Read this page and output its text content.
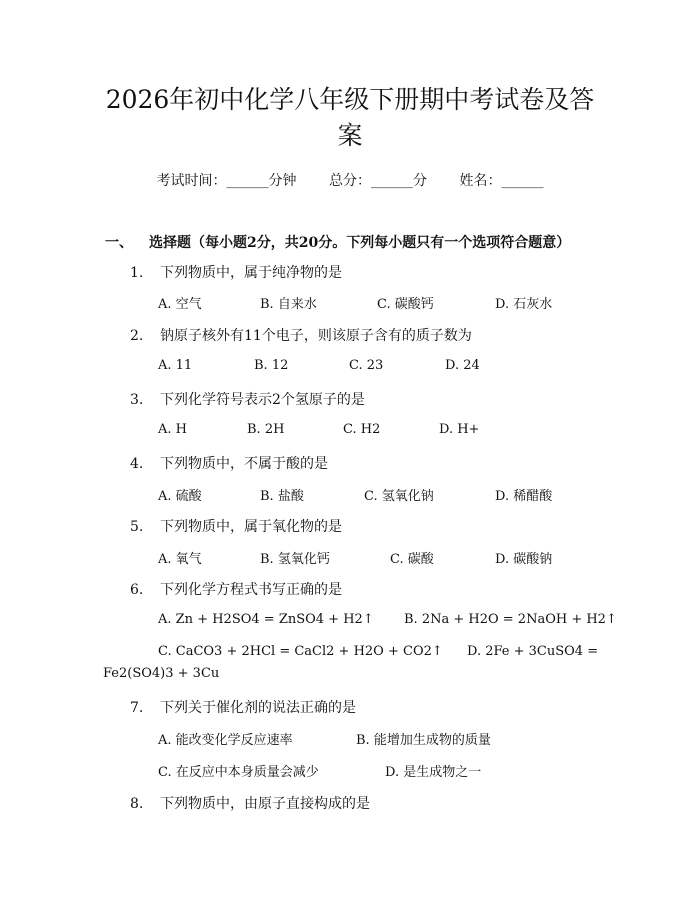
2026年初中化学八年级下册期中考试卷及答
案
考试时间：______分钟 总分：______分 姓名：______
一、 选择题（每小题2分，共20分。下列每小题只有一个选项符合题意）
1. 下列物质中，属于纯净物的是
A. 空气	B. 自来水	C. 碳酸钙	D. 石灰水
2. 钠原子核外有11个电子，则该原子含有的质子数为
A. 11	B. 12	C. 23	D. 24
3. 下列化学符号表示2个氢原子的是
A. H	B. 2H	C. H2	D. H+
4. 下列物质中，不属于酸的是
A. 硫酸	B. 盐酸	C. 氢氧化钠	D. 稀醋酸
5. 下列物质中，属于氧化物的是
A. 氧气	B. 氢氧化钙	C. 碳酸	D. 碳酸钠
6. 下列化学方程式书写正确的是
A. Zn + H2SO4 = ZnSO4 + H2↑ B. 2Na + H2O = 2NaOH + H2↑
C. CaCO3 + 2HCl = CaCl2 + H2O + CO2↑ D. 2Fe + 3CuSO4 =
Fe2(SO4)3 + 3Cu
7. 下列关于催化剂的说法正确的是
A. 能改变化学反应速率	B. 能增加生成物的质量
C. 在反应中本身质量会减少	D. 是生成物之一
8. 下列物质中，由原子直接构成的是
